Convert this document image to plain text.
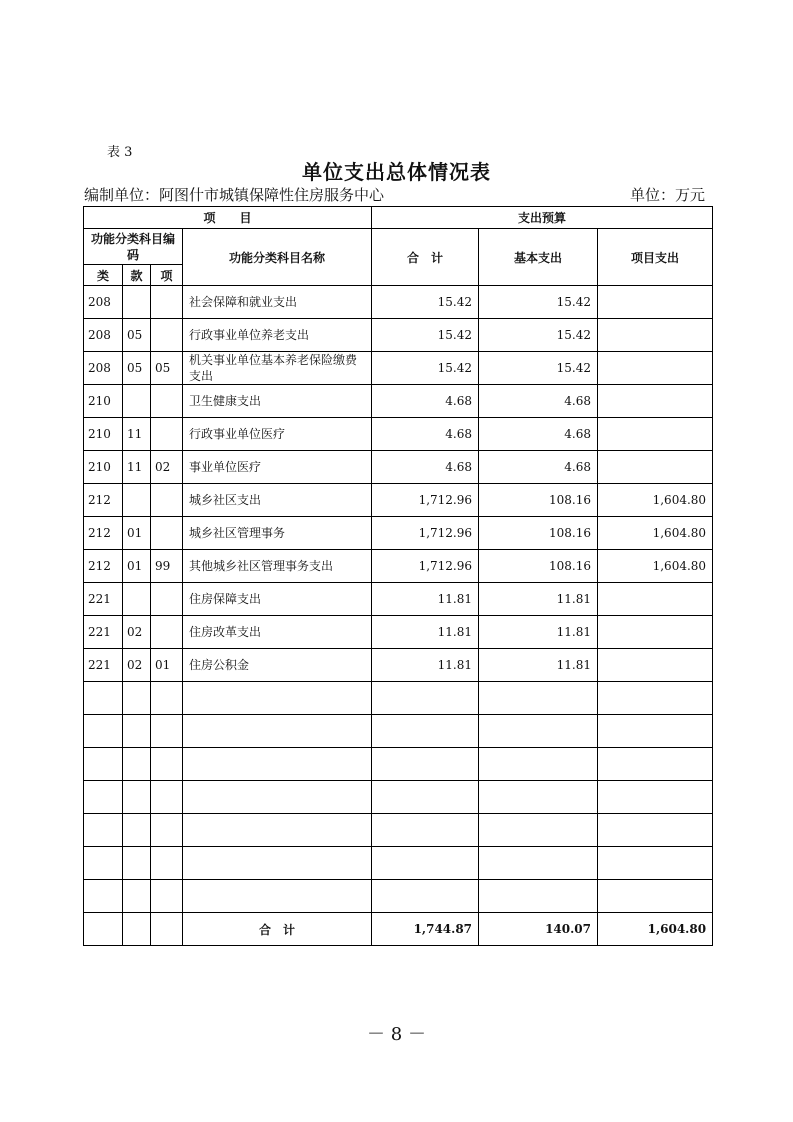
表 3
单位支出总体情况表
编制单位：阿图什市城镇保障性住房服务中心	单位：万元
项　　目				支出预算		
功能分类科目编码			功能分类科目名称	合　计	基本支出	项目支出
类	款	项				
208			社会保障和就业支出	15.42	15.42	
208	05		行政事业单位养老支出	15.42	15.42	
208	05	05	机关事业单位基本养老保险缴费支出	15.42	15.42	
210			卫生健康支出	4.68	4.68	
210	11		行政事业单位医疗	4.68	4.68	
210	11	02	事业单位医疗	4.68	4.68	
212			城乡社区支出	1,712.96	108.16	1,604.80
212	01		城乡社区管理事务	1,712.96	108.16	1,604.80
212	01	99	其他城乡社区管理事务支出	1,712.96	108.16	1,604.80
221			住房保障支出	11.81	11.81	
221	02		住房改革支出	11.81	11.81	
221	02	01	住房公积金	11.81	11.81	

			合　计	1,744.87	140.07	1,604.80
－ 8 －
